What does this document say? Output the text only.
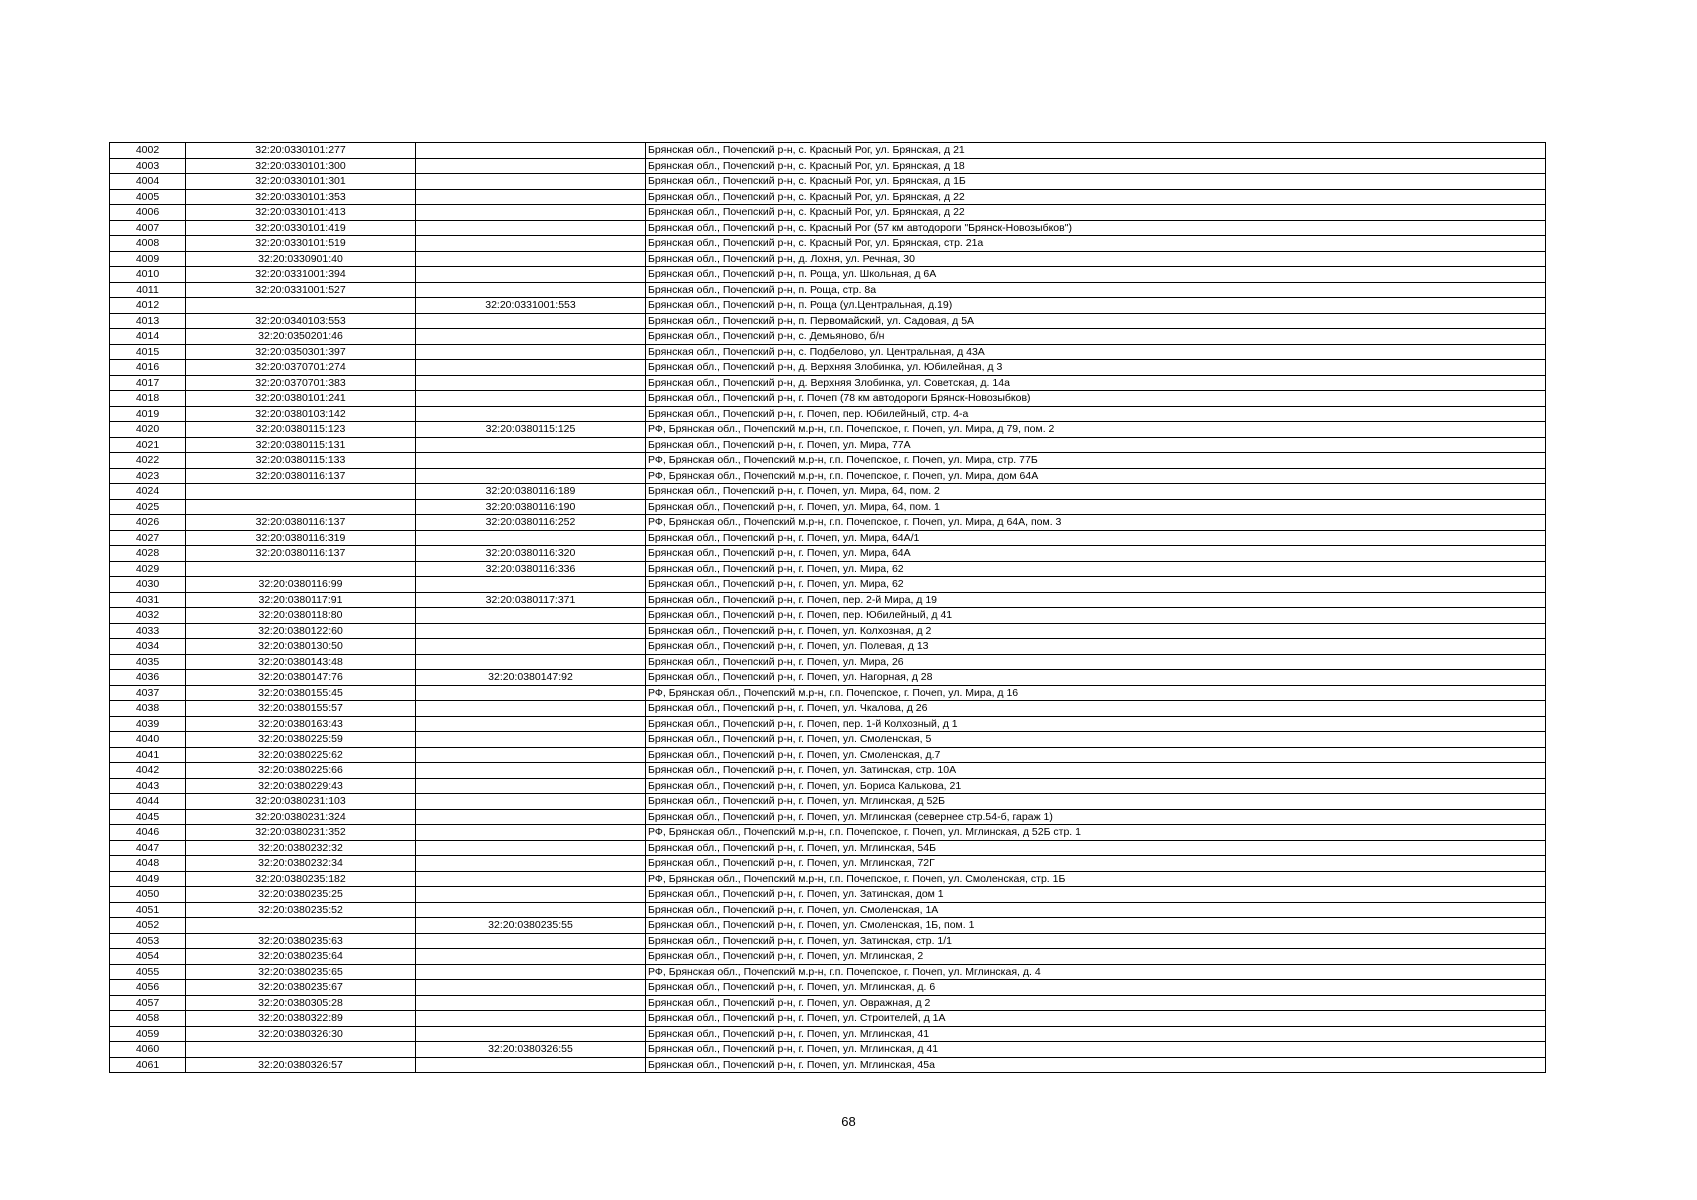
4002	32:20:0330101:277		Брянская обл., Почепский р-н, с. Красный Рог, ул. Брянская, д 21
4003	32:20:0330101:300		Брянская обл., Почепский р-н, с. Красный Рог, ул. Брянская, д 18
4004	32:20:0330101:301		Брянская обл., Почепский р-н, с. Красный Рог, ул. Брянская, д 1Б
4005	32:20:0330101:353		Брянская обл., Почепский р-н, с. Красный Рог, ул. Брянская, д 22
4006	32:20:0330101:413		Брянская обл., Почепский р-н, с. Красный Рог, ул. Брянская, д 22
4007	32:20:0330101:419		Брянская обл., Почепский р-н, с. Красный Рог (57 км автодороги "Брянск-Новозыбков")
4008	32:20:0330101:519		Брянская обл., Почепский р-н, с. Красный Рог, ул. Брянская, стр. 21а
4009	32:20:0330901:40		Брянская обл., Почепский р-н, д. Лохня, ул. Речная, 30
4010	32:20:0331001:394		Брянская обл., Почепский р-н, п. Роща, ул. Школьная, д 6А
4011	32:20:0331001:527		Брянская обл., Почепский р-н, п. Роща, стр. 8а
4012		32:20:0331001:553	Брянская обл., Почепский р-н, п. Роща (ул.Центральная, д.19)
4013	32:20:0340103:553		Брянская обл., Почепский р-н, п. Первомайский, ул. Садовая, д 5А
4014	32:20:0350201:46		Брянская обл., Почепский р-н, с. Демьяново, б/н
4015	32:20:0350301:397		Брянская обл., Почепский р-н, с. Подбелово, ул. Центральная, д 43А
4016	32:20:0370701:274		Брянская обл., Почепский р-н, д. Верхняя Злобинка, ул. Юбилейная, д 3
4017	32:20:0370701:383		Брянская обл., Почепский р-н, д. Верхняя Злобинка, ул. Советская, д. 14а
4018	32:20:0380101:241		Брянская обл., Почепский р-н, г. Почеп (78 км автодороги Брянск-Новозыбков)
4019	32:20:0380103:142		Брянская обл., Почепский р-н, г. Почеп, пер. Юбилейный, стр. 4-а
4020	32:20:0380115:123	32:20:0380115:125	РФ, Брянская обл., Почепский м.р-н, г.п. Почепское, г. Почеп, ул. Мира, д 79, пом. 2
4021	32:20:0380115:131		Брянская обл., Почепский р-н, г. Почеп, ул. Мира, 77А
4022	32:20:0380115:133		РФ, Брянская обл., Почепский м.р-н, г.п. Почепское, г. Почеп, ул. Мира, стр. 77Б
4023	32:20:0380116:137		РФ, Брянская обл., Почепский м.р-н, г.п. Почепское, г. Почеп, ул. Мира, дом 64А
4024		32:20:0380116:189	Брянская обл., Почепский р-н, г. Почеп, ул. Мира, 64, пом. 2
4025		32:20:0380116:190	Брянская обл., Почепский р-н, г. Почеп, ул. Мира, 64, пом. 1
4026	32:20:0380116:137	32:20:0380116:252	РФ, Брянская обл., Почепский м.р-н, г.п. Почепское, г. Почеп, ул. Мира, д 64А, пом. 3
4027	32:20:0380116:319		Брянская обл., Почепский р-н, г. Почеп, ул. Мира, 64А/1
4028	32:20:0380116:137	32:20:0380116:320	Брянская обл., Почепский р-н, г. Почеп, ул. Мира, 64А
4029		32:20:0380116:336	Брянская обл., Почепский р-н, г. Почеп, ул. Мира, 62
4030	32:20:0380116:99		Брянская обл., Почепский р-н, г. Почеп, ул. Мира, 62
4031	32:20:0380117:91	32:20:0380117:371	Брянская обл., Почепский р-н, г. Почеп, пер. 2-й Мира, д 19
4032	32:20:0380118:80		Брянская обл., Почепский р-н, г. Почеп, пер. Юбилейный, д 41
4033	32:20:0380122:60		Брянская обл., Почепский р-н, г. Почеп, ул. Колхозная, д 2
4034	32:20:0380130:50		Брянская обл., Почепский р-н, г. Почеп, ул. Полевая, д 13
4035	32:20:0380143:48		Брянская обл., Почепский р-н, г. Почеп, ул. Мира, 26
4036	32:20:0380147:76	32:20:0380147:92	Брянская обл., Почепский р-н, г. Почеп, ул. Нагорная, д 28
4037	32:20:0380155:45		РФ, Брянская обл., Почепский м.р-н, г.п. Почепское, г. Почеп, ул. Мира, д 16
4038	32:20:0380155:57		Брянская обл., Почепский р-н, г. Почеп, ул. Чкалова, д 26
4039	32:20:0380163:43		Брянская обл., Почепский р-н, г. Почеп, пер. 1-й Колхозный, д 1
4040	32:20:0380225:59		Брянская обл., Почепский р-н, г. Почеп, ул. Смоленская, 5
4041	32:20:0380225:62		Брянская обл., Почепский р-н, г. Почеп, ул. Смоленская, д.7
4042	32:20:0380225:66		Брянская обл., Почепский р-н, г. Почеп, ул. Затинская, стр. 10А
4043	32:20:0380229:43		Брянская обл., Почепский р-н, г. Почеп, ул. Бориса Калькова, 21
4044	32:20:0380231:103		Брянская обл., Почепский р-н, г. Почеп, ул. Мглинская, д 52Б
4045	32:20:0380231:324		Брянская обл., Почепский р-н, г. Почеп, ул. Мглинская (севернее стр.54-б, гараж 1)
4046	32:20:0380231:352		РФ, Брянская обл., Почепский м.р-н, г.п. Почепское, г. Почеп, ул. Мглинская, д 52Б стр. 1
4047	32:20:0380232:32		Брянская обл., Почепский р-н, г. Почеп, ул. Мглинская, 54Б
4048	32:20:0380232:34		Брянская обл., Почепский р-н, г. Почеп, ул. Мглинская, 72Г
4049	32:20:0380235:182		РФ, Брянская обл., Почепский м.р-н, г.п. Почепское, г. Почеп, ул. Смоленская, стр. 1Б
4050	32:20:0380235:25		Брянская обл., Почепский р-н, г. Почеп, ул. Затинская, дом 1
4051	32:20:0380235:52		Брянская обл., Почепский р-н, г. Почеп, ул. Смоленская, 1А
4052		32:20:0380235:55	Брянская обл., Почепский р-н, г. Почеп, ул. Смоленская, 1Б, пом. 1
4053	32:20:0380235:63		Брянская обл., Почепский р-н, г. Почеп, ул. Затинская, стр. 1/1
4054	32:20:0380235:64		Брянская обл., Почепский р-н, г. Почеп, ул. Мглинская, 2
4055	32:20:0380235:65		РФ, Брянская обл., Почепский м.р-н, г.п. Почепское, г. Почеп, ул. Мглинская, д. 4
4056	32:20:0380235:67		Брянская обл., Почепский р-н, г. Почеп, ул. Мглинская, д. 6
4057	32:20:0380305:28		Брянская обл., Почепский р-н, г. Почеп, ул. Овражная, д 2
4058	32:20:0380322:89		Брянская обл., Почепский р-н, г. Почеп, ул. Строителей, д 1А
4059	32:20:0380326:30		Брянская обл., Почепский р-н, г. Почеп, ул. Мглинская, 41
4060		32:20:0380326:55	Брянская обл., Почепский р-н, г. Почеп, ул. Мглинская, д 41
4061	32:20:0380326:57		Брянская обл., Почепский р-н, г. Почеп, ул. Мглинская, 45а
68
